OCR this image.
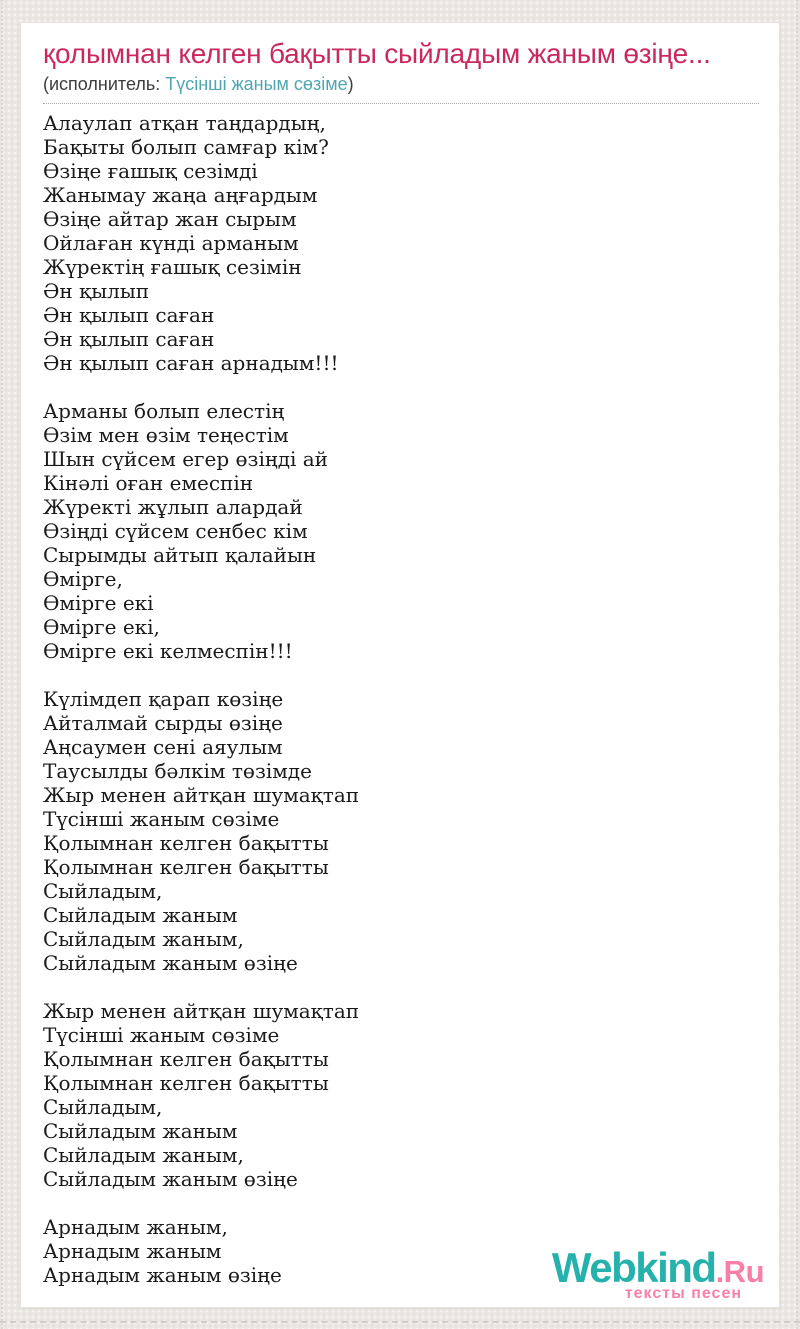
қолымнан келген бақытты сыйладым жаным өзіңе...
(исполнитель: Түсінші жаным сөзіме)

Алаулап атқан таңдардың,
Бақыты болып самғар кім?
Өзіңе ғашық сезімді
Жанымау жаңа аңғардым
Өзіңе айтар жан сырым
Ойлаған күнді арманым
Жүректің ғашық сезімін
Ән қылып
Ән қылып саған
Ән қылып саған
Ән қылып саған арнадым!!!

Арманы болып елестің
Өзім мен өзім теңестім
Шын сүйсем егер өзіңді ай
Кінәлі оған емеспін
Жүректі жұлып алардай
Өзіңді сүйсем сенбес кім
Сырымды айтып қалайын
Өмірге,
Өмірге екі
Өмірге екі,
Өмірге екі келмеспін!!!

Күлімдеп қарап көзіңе
Айталмай сырды өзіңе
Аңсаумен сені аяулым
Таусылды бәлкім төзімде
Жыр менен айтқан шумақтап
Түсінші жаным сөзіме
Қолымнан келген бақытты
Қолымнан келген бақытты
Сыйладым,
Сыйладым жаным
Сыйладым жаным,
Сыйладым жаным өзіңе

Жыр менен айтқан шумақтап
Түсінші жаным сөзіме
Қолымнан келген бақытты
Қолымнан келген бақытты
Сыйладым,
Сыйладым жаным
Сыйладым жаным,
Сыйладым жаным өзіңе

Арнадым жаным,
Арнадым жаным
Арнадым жаным өзіңе	Webkind.Ru
тексты песен
